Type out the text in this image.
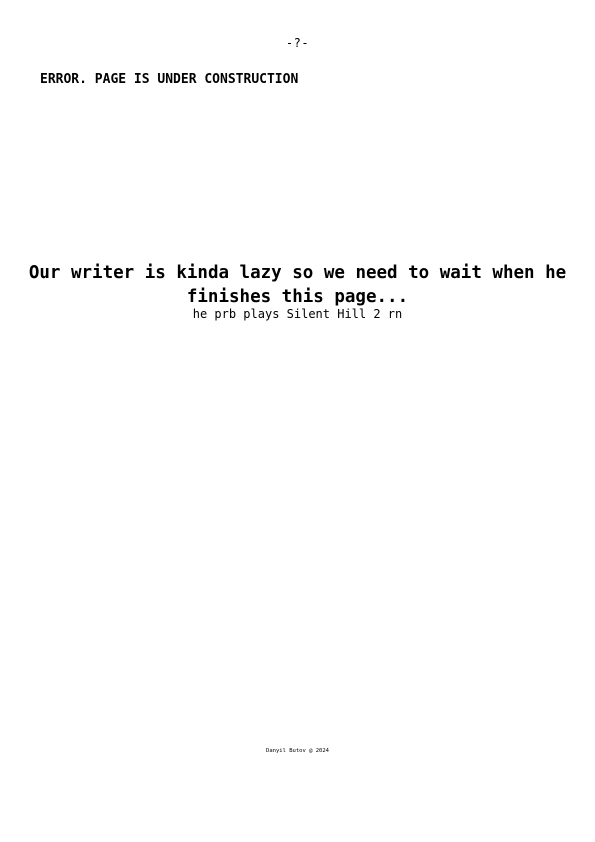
-?-
ERROR. PAGE IS UNDER CONSTRUCTION
Our writer is kinda lazy so we need to wait when he finishes this page...

he prb plays Silent Hill 2 rn

Danyil Butov @ 2024
